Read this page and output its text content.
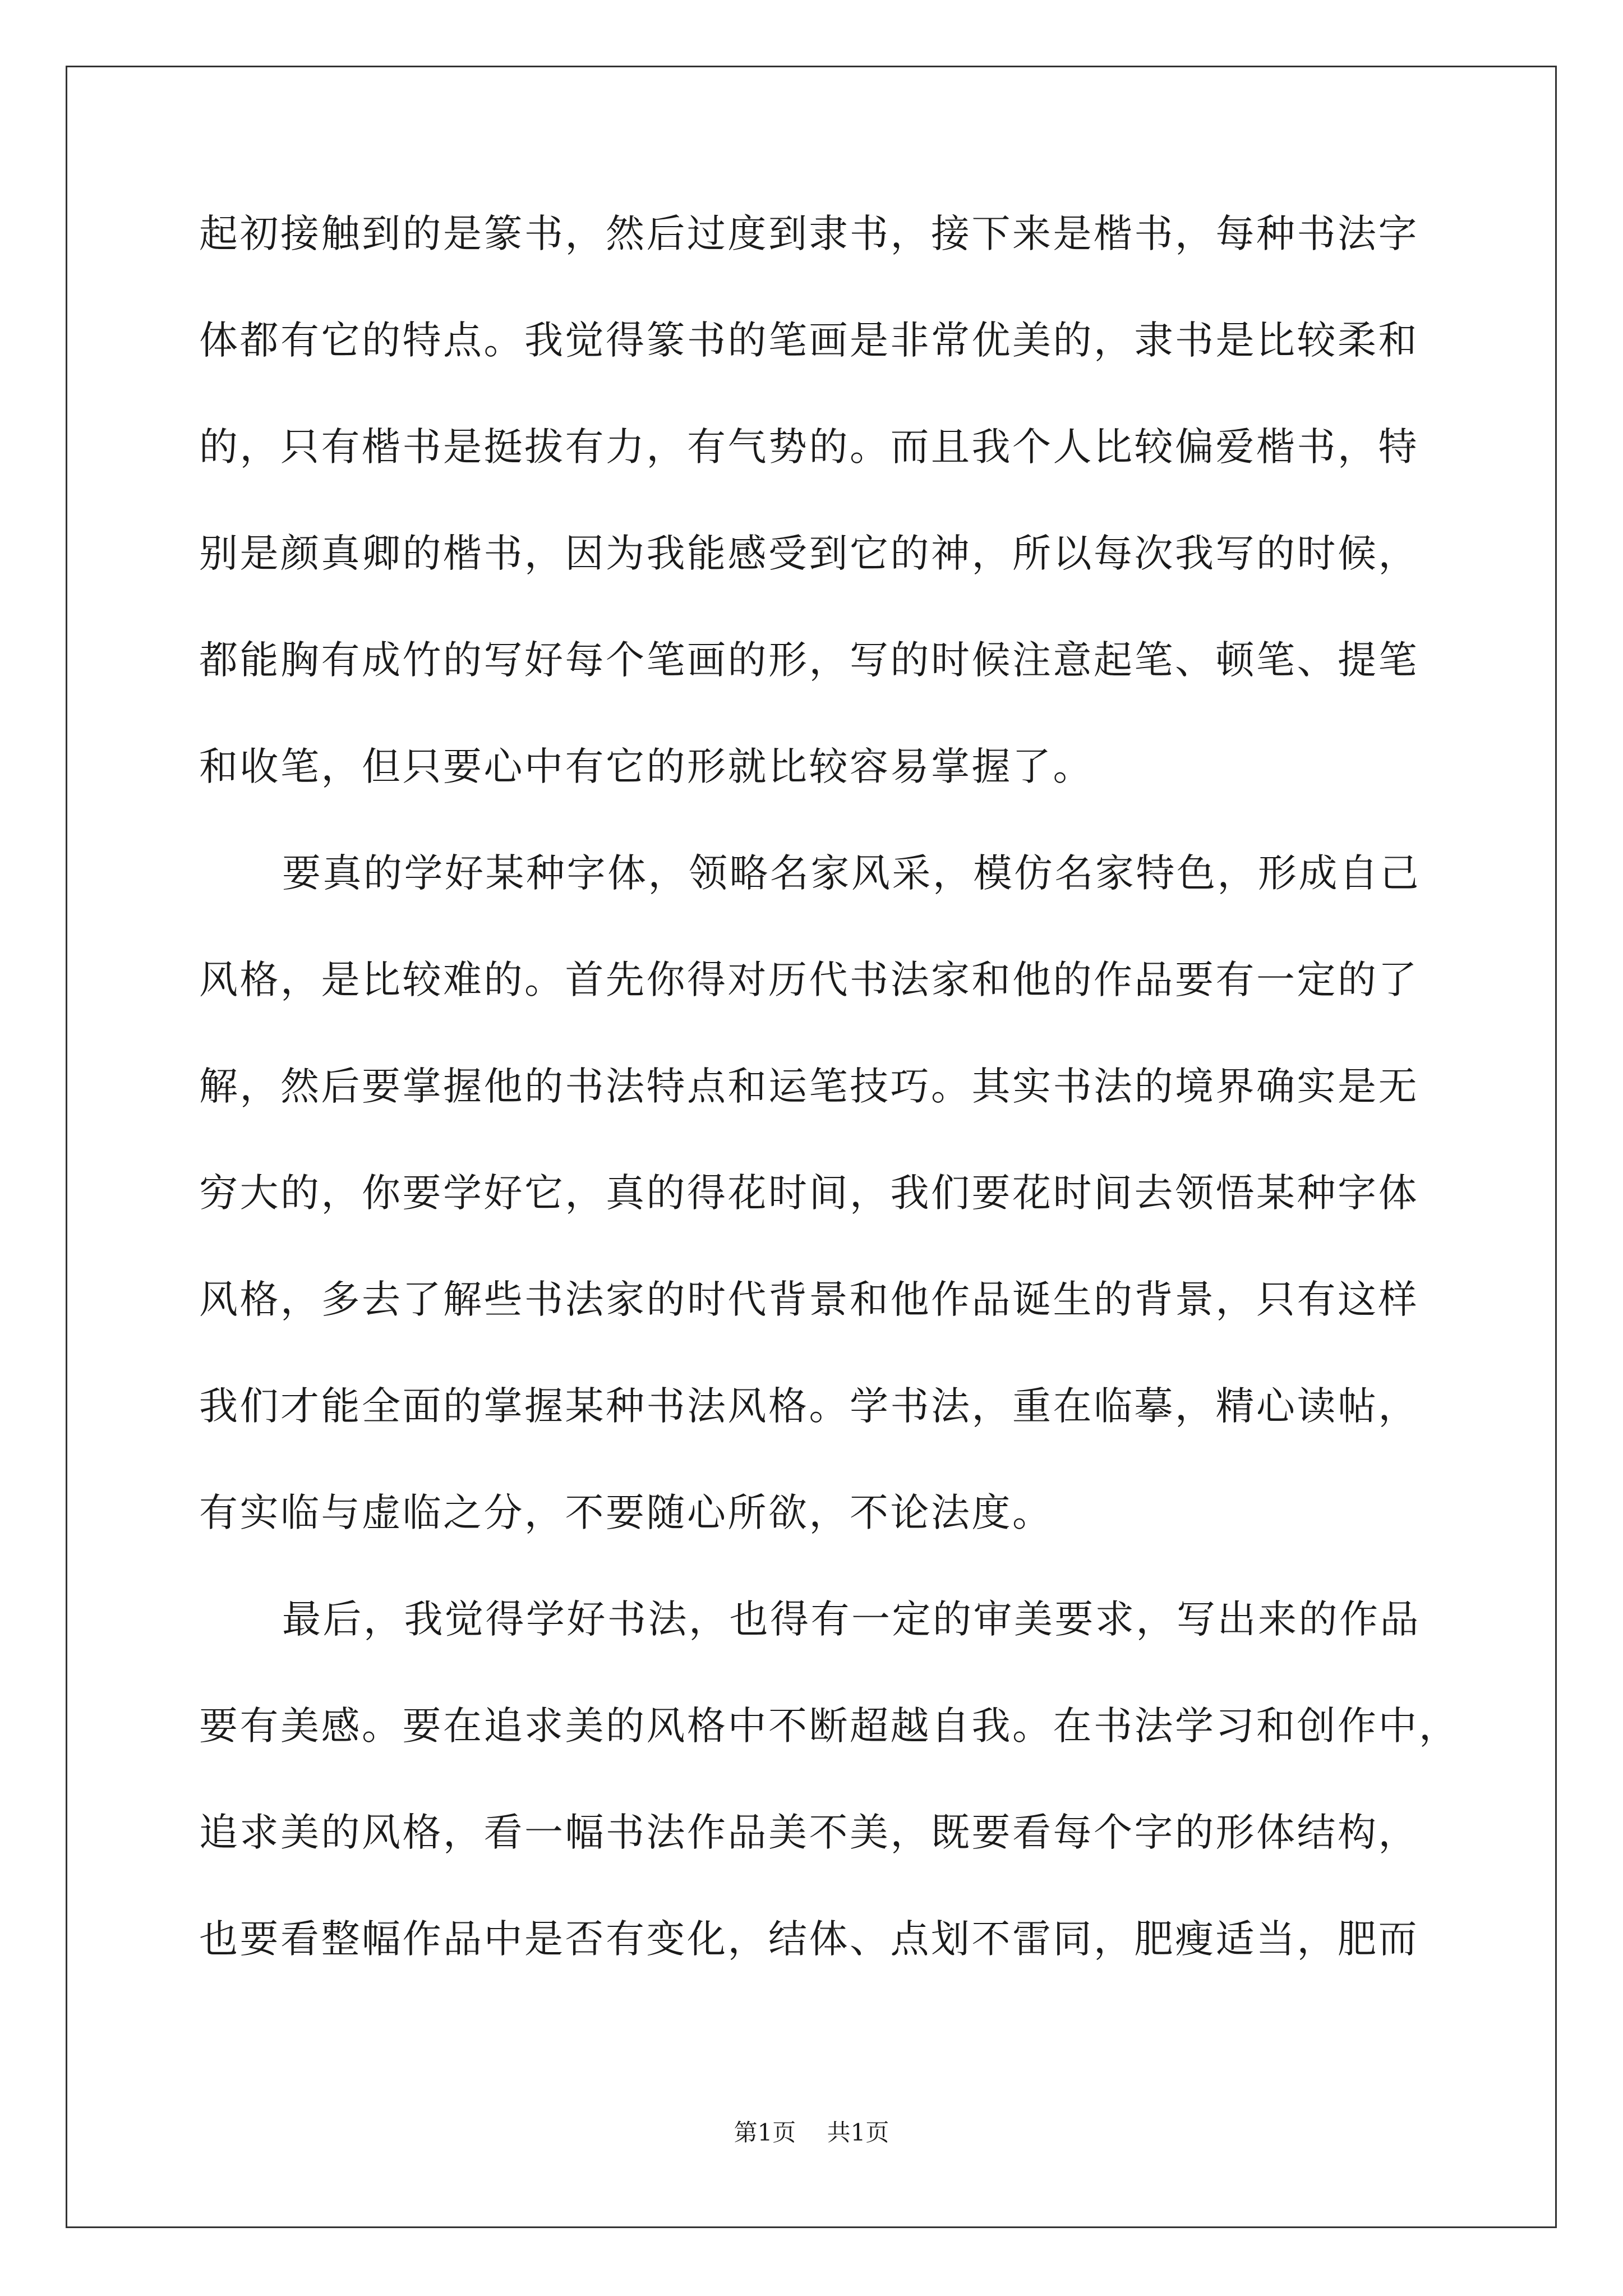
起初接触到的是篆书，然后过度到隶书，接下来是楷书，每种书法字
体都有它的特点。我觉得篆书的笔画是非常优美的，隶书是比较柔和
的，只有楷书是挺拔有力，有气势的。而且我个人比较偏爱楷书，特
别是颜真卿的楷书，因为我能感受到它的神，所以每次我写的时候，
都能胸有成竹的写好每个笔画的形，写的时候注意起笔、顿笔、提笔
和收笔，但只要心中有它的形就比较容易掌握了。
要真的学好某种字体，领略名家风采，模仿名家特色，形成自己
风格，是比较难的。首先你得对历代书法家和他的作品要有一定的了
解，然后要掌握他的书法特点和运笔技巧。其实书法的境界确实是无
穷大的，你要学好它，真的得花时间，我们要花时间去领悟某种字体
风格，多去了解些书法家的时代背景和他作品诞生的背景，只有这样
我们才能全面的掌握某种书法风格。学书法，重在临摹，精心读帖，
有实临与虚临之分，不要随心所欲，不论法度。
最后，我觉得学好书法，也得有一定的审美要求，写出来的作品
要有美感。要在追求美的风格中不断超越自我。在书法学习和创作中，
追求美的风格，看一幅书法作品美不美，既要看每个字的形体结构，
也要看整幅作品中是否有变化，结体、点划不雷同，肥瘦适当，肥而
第1页 共1页
